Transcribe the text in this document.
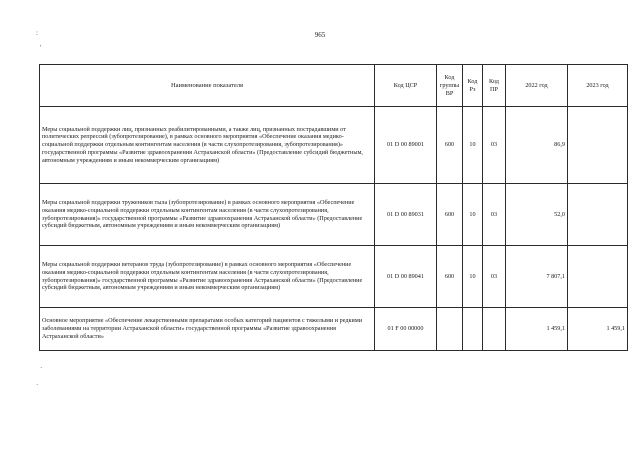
965
:
'
·
·
Наименование показателя	Код ЦСР	Код группы ВР	Код Рз	Код ПР	2022 год	2023 год
Меры социальной поддержки лиц, признанных реабилитированными, а также лиц, признанных пострадавшими от политических репрессий (зубопротезирование), в рамках основного мероприятия «Обеспечение оказания медико-социальной поддержки отдельным контингентам населения (в части слухопротезирования, зубопротезирования)» государственной программы «Развитие здравоохранения Астраханской области» (Предоставление субсидий бюджетным, автономным учреждениям и иным некоммерческим организациям)	01 D 00 89001	600	10	03	86,9	
Меры социальной поддержки тружеников тыла (зубопротезирование) в рамках основного мероприятия «Обеспечение оказания медико-социальной поддержки отдельным контингентам населения (в части слухопротезирования, зубопротезирования)» государственной программы «Развитие здравоохранения Астраханской области» (Предоставление субсидий бюджетным, автономным учреждениям и иным некоммерческим организациям)	01 D 00 89031	600	10	03	52,0	
Меры социальной поддержки ветеранов труда (зубопротезирование) в рамках основного мероприятия «Обеспечение оказания медико-социальной поддержки отдельным контингентам населения (в части слухопротезирования, зубопротезирования)» государственной программы «Развитие здравоохранения Астраханской области» (Предоставление субсидий бюджетным, автономным учреждениям и иным некоммерческим организациям)	01 D 00 89041	600	10	03	7 807,1	
Основное мероприятие «Обеспечение лекарственными препаратами особых категорий пациентов с тяжелыми и редкими заболеваниями на территории Астраханской области» государственной программы «Развитие здравоохранения Астраханской области»	01 F 00 00000				1 459,1	1 459,1
